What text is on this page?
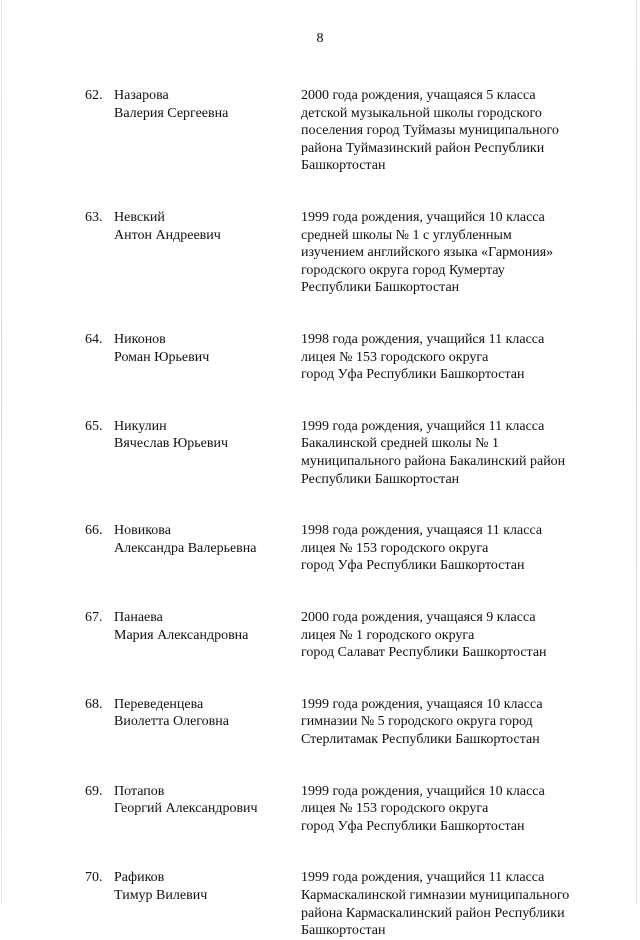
8
62. Назарова
Валерия Сергеевна
2000 года рождения, учащаяся 5 класса
детской музыкальной школы городского
поселения город Туймазы муниципального
района Туймазинский район Республики
Башкортостан
63. Невский
Антон Андреевич
1999 года рождения, учащийся 10 класса
средней школы № 1 с углубленным
изучением английского языка «Гармония»
городского округа город Кумертау
Республики Башкортостан
64. Никонов
Роман Юрьевич
1998 года рождения, учащийся 11 класса
лицея № 153 городского округа
город Уфа Республики Башкортостан
65. Никулин
Вячеслав Юрьевич
1999 года рождения, учащийся 11 класса
Бакалинской средней школы № 1
муниципального района Бакалинский район
Республики Башкортостан
66. Новикова
Александра Валерьевна
1998 года рождения, учащаяся 11 класса
лицея № 153 городского округа
город Уфа Республики Башкортостан
67. Панаева
Мария Александровна
2000 года рождения, учащаяся 9 класса
лицея № 1 городского округа
город Салават Республики Башкортостан
68. Переведенцева
Виолетта Олеговна
1999 года рождения, учащаяся 10 класса
гимназии № 5 городского округа город
Стерлитамак Республики Башкортостан
69. Потапов
Георгий Александрович
1999 года рождения, учащийся 10 класса
лицея № 153 городского округа
город Уфа Республики Башкортостан
70. Рафиков
Тимур Вилевич
1999 года рождения, учащийся 11 класса
Кармаскалинской гимназии муниципального
района Кармаскалинский район Республики
Башкортостан
